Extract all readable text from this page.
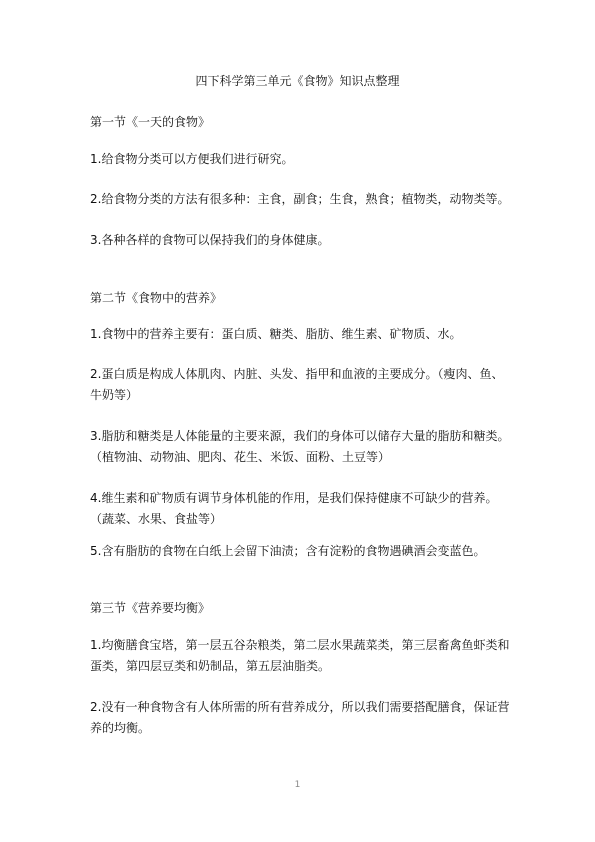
四下科学第三单元《食物》知识点整理
第一节《一天的食物》
1.给食物分类可以方便我们进行研究。
2.给食物分类的方法有很多种：主食，副食；生食，熟食；植物类，动物类等。
3.各种各样的食物可以保持我们的身体健康。
第二节《食物中的营养》
1.食物中的营养主要有：蛋白质、糖类、脂肪、维生素、矿物质、水。
2.蛋白质是构成人体肌肉、内脏、头发、指甲和血液的主要成分。（瘦肉、鱼、牛奶等）
3.脂肪和糖类是人体能量的主要来源，我们的身体可以储存大量的脂肪和糖类。（植物油、动物油、肥肉、花生、米饭、面粉、土豆等）
4.维生素和矿物质有调节身体机能的作用，是我们保持健康不可缺少的营养。（蔬菜、水果、食盐等）
5.含有脂肪的食物在白纸上会留下油渍；含有淀粉的食物遇碘酒会变蓝色。
第三节《营养要均衡》
1.均衡膳食宝塔，第一层五谷杂粮类，第二层水果蔬菜类，第三层畜禽鱼虾类和蛋类，第四层豆类和奶制品，第五层油脂类。
2.没有一种食物含有人体所需的所有营养成分，所以我们需要搭配膳食，保证营养的均衡。
1
